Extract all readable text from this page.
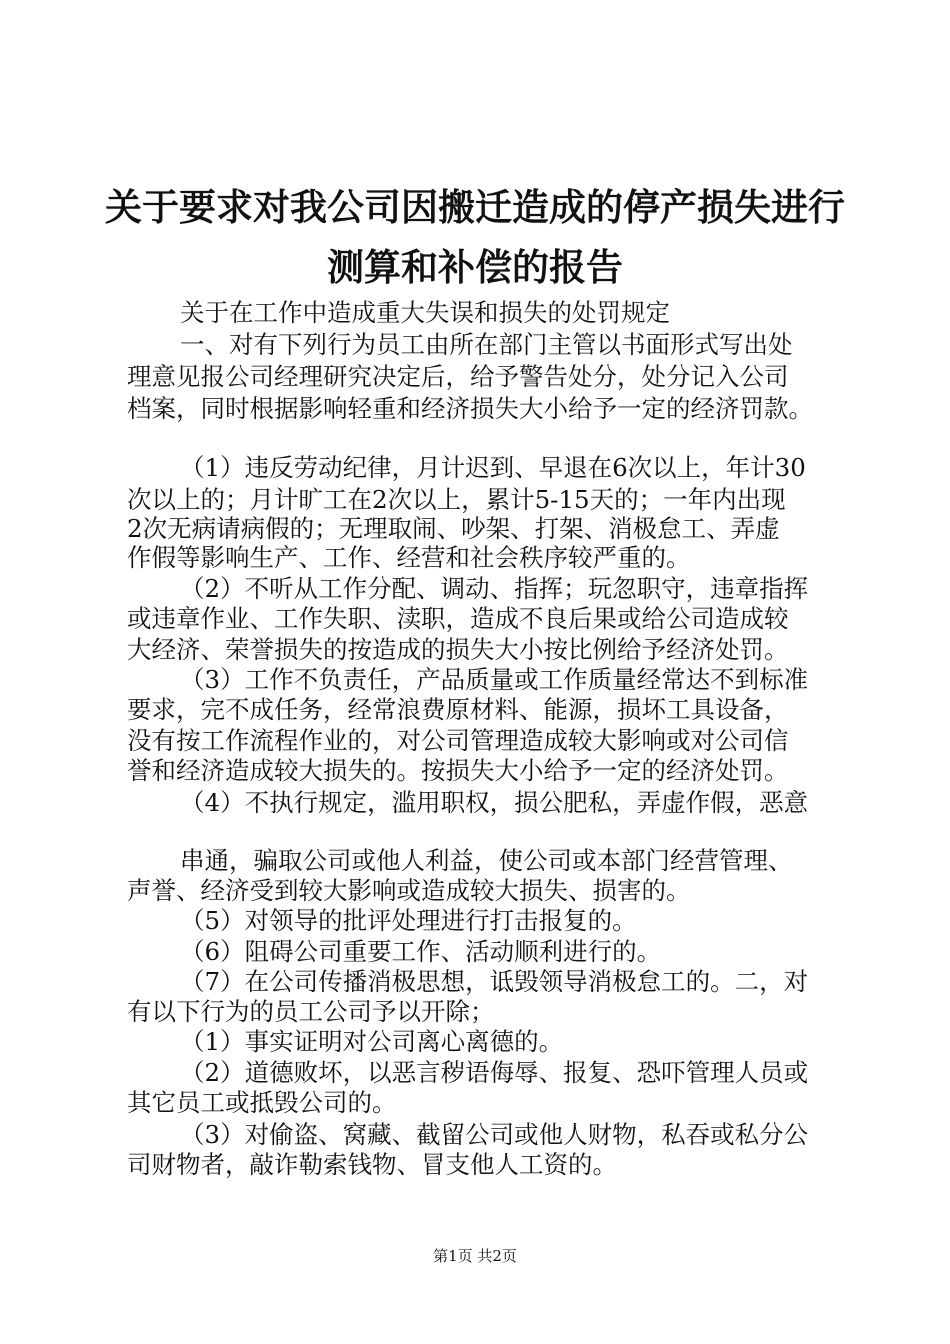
关于要求对我公司因搬迁造成的停产损失进行
测算和补偿的报告
关于在工作中造成重大失误和损失的处罚规定
一、对有下列行为员工由所在部门主管以书面形式写出处
理意见报公司经理研究决定后，给予警告处分，处分记入公司
档案，同时根据影响轻重和经济损失大小给予一定的经济罚款。
（1）违反劳动纪律，月计迟到、早退在6次以上，年计30
次以上的；月计旷工在2次以上，累计5-15天的；一年内出现
2次无病请病假的；无理取闹、吵架、打架、消极怠工、弄虚
作假等影响生产、工作、经营和社会秩序较严重的。
（2）不听从工作分配、调动、指挥；玩忽职守，违章指挥
或违章作业、工作失职、渎职，造成不良后果或给公司造成较
大经济、荣誉损失的按造成的损失大小按比例给予经济处罚。
（3）工作不负责任，产品质量或工作质量经常达不到标准
要求，完不成任务，经常浪费原材料、能源，损坏工具设备，
没有按工作流程作业的，对公司管理造成较大影响或对公司信
誉和经济造成较大损失的。按损失大小给予一定的经济处罚。
（4）不执行规定，滥用职权，损公肥私，弄虚作假，恶意
串通，骗取公司或他人利益，使公司或本部门经营管理、
声誉、经济受到较大影响或造成较大损失、损害的。
（5）对领导的批评处理进行打击报复的。
（6）阻碍公司重要工作、活动顺利进行的。
（7）在公司传播消极思想，诋毁领导消极怠工的。二，对
有以下行为的员工公司予以开除；
（1）事实证明对公司离心离德的。
（2）道德败坏，以恶言秽语侮辱、报复、恐吓管理人员或
其它员工或抵毁公司的。
（3）对偷盗、窝藏、截留公司或他人财物，私吞或私分公
司财物者，敲诈勒索钱物、冒支他人工资的。
第1页 共2页
